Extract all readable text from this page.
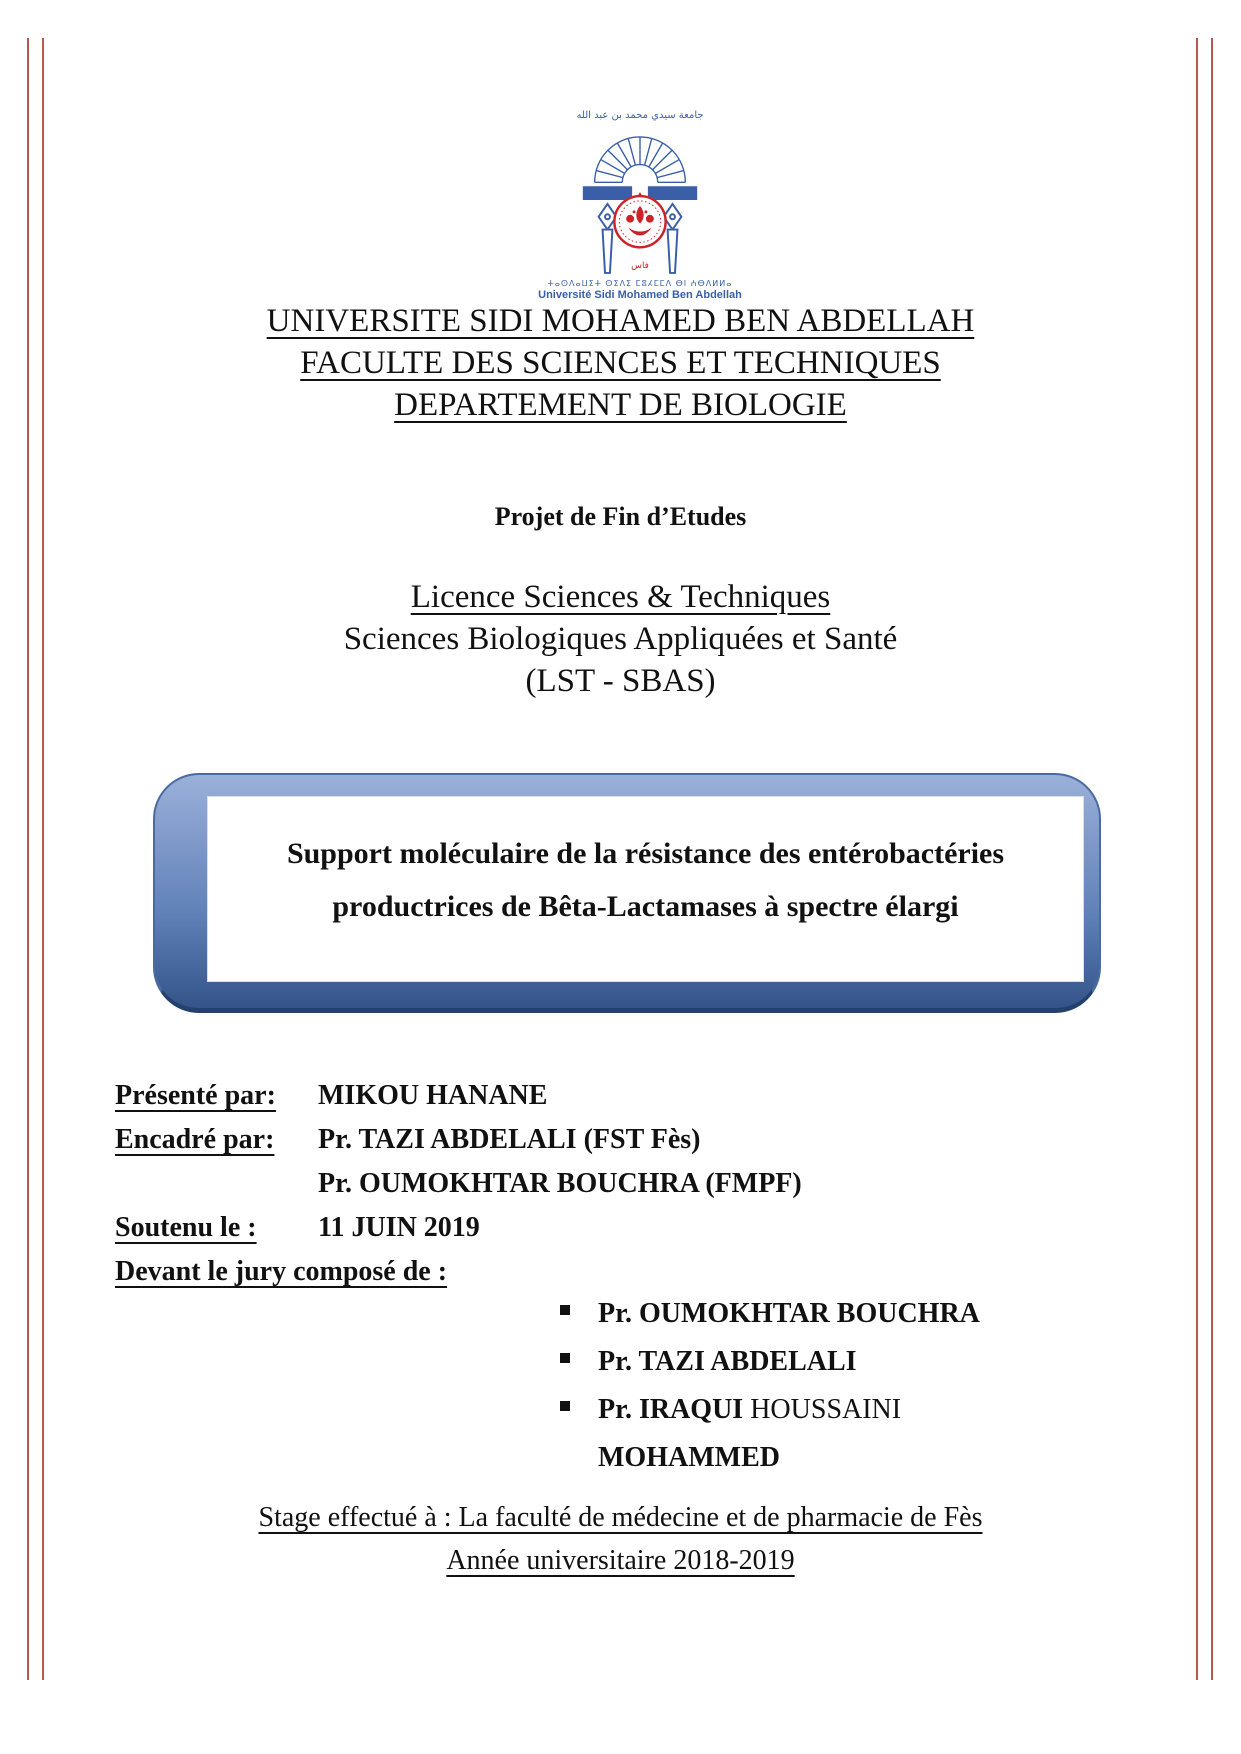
جامعة سيدي محمد بن عبد الله
فاس
ⵜⴰⵙⴷⴰⵡⵉⵜ ⵙⵉⴷⵉ ⵎⵓⵃⵎⵎⴷ ⴱⵏ ⵄⴱⴷⵍⵍⴰ
Université Sidi Mohamed Ben Abdellah
UNIVERSITE SIDI MOHAMED BEN ABDELLAH
FACULTE DES SCIENCES ET TECHNIQUES
DEPARTEMENT DE BIOLOGIE
Projet de Fin d’Etudes
Licence Sciences & Techniques
Sciences Biologiques Appliquées et Santé
(LST - SBAS)
Support moléculaire de la résistance des entérobactéries
productrices de Bêta-Lactamases à spectre élargi
Présenté par:	MIKOU HANANE
Encadré par:	Pr. TAZI ABDELALI (FST Fès)
Pr. OUMOKHTAR BOUCHRA (FMPF)
Soutenu le :	11 JUIN 2019
Devant le jury composé de :
Pr. OUMOKHTAR BOUCHRA
Pr. TAZI ABDELALI
Pr. IRAQUI HOUSSAINI
MOHAMMED
Stage effectué à : La faculté de médecine et de pharmacie de Fès
Année universitaire 2018-2019
